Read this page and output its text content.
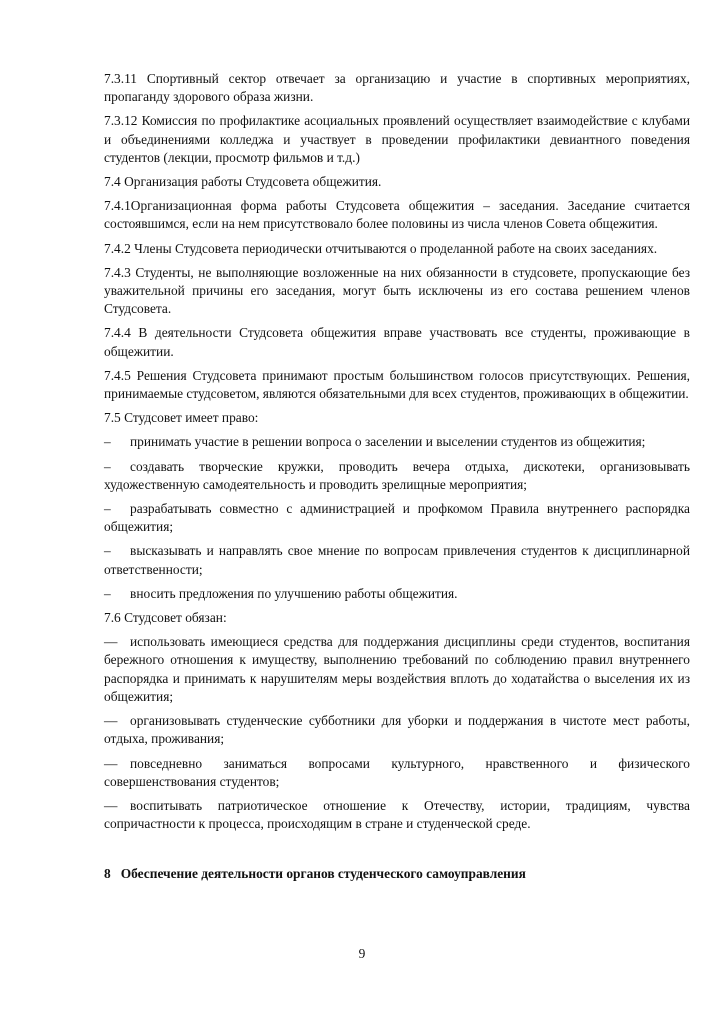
7.3.11 Спортивный сектор отвечает за организацию и участие в спортивных мероприятиях, пропаганду здорового образа жизни.

7.3.12 Комиссия по профилактике асоциальных проявлений осуществляет взаимодействие с клубами и объединениями колледжа и участвует в проведении профилактики девиантного поведения студентов (лекции, просмотр фильмов и т.д.)

7.4 Организация работы Студсовета общежития.

7.4.1Организационная форма работы Студсовета общежития – заседания. Заседание считается состоявшимся, если на нем присутствовало более половины из числа членов Совета общежития.

7.4.2 Члены Студсовета периодически отчитываются о проделанной работе на своих заседаниях.

7.4.3 Студенты, не выполняющие возложенные на них обязанности в студсовете, пропускающие без уважительной причины его заседания, могут быть исключены из его состава решением членов Студсовета.

7.4.4 В деятельности Студсовета общежития вправе участвовать все студенты, проживающие в общежитии.

7.4.5 Решения Студсовета принимают простым большинством голосов присутствующих. Решения, принимаемые студсоветом, являются обязательными для всех студентов, проживающих в общежитии.

7.5 Студсовет имеет право:

– принимать участие в решении вопроса о заселении и выселении студентов из общежития;

– создавать творческие кружки, проводить вечера отдыха, дискотеки, организовывать художественную самодеятельность и проводить зрелищные мероприятия;

– разрабатывать совместно с администрацией и профкомом Правила внутреннего распорядка общежития;

– высказывать и направлять свое мнение по вопросам привлечения студентов к дисциплинарной ответственности;

– вносить предложения по улучшению работы общежития.

7.6 Студсовет обязан:

— использовать имеющиеся средства для поддержания дисциплины среди студентов, воспитания бережного отношения к имуществу, выполнению требований по соблюдению правил внутреннего распорядка и принимать к нарушителям меры воздействия вплоть до ходатайства о выселения их из общежития;

— организовывать студенческие субботники для уборки и поддержания в чистоте мест работы, отдыха, проживания;

— повседневно заниматься вопросами культурного, нравственного и физического совершенствования студентов;

— воспитывать патриотическое отношение к Отечеству, истории, традициям, чувства сопричастности к процесса, происходящим в стране и студенческой среде.

8 Обеспечение деятельности органов студенческого самоуправления

9
